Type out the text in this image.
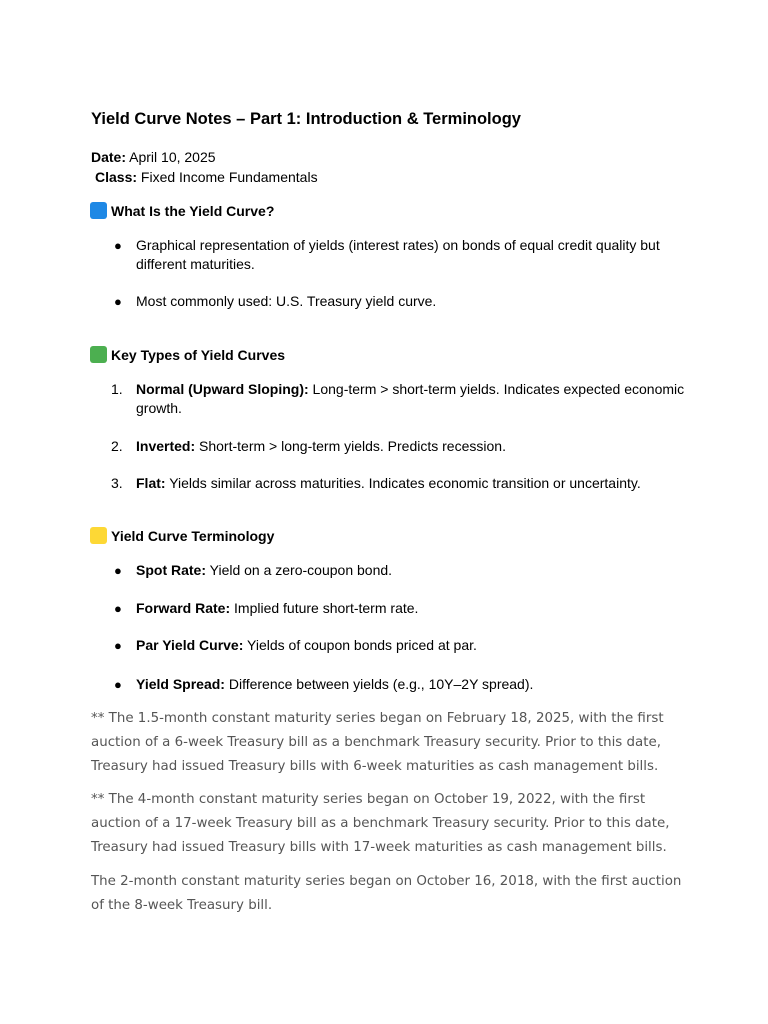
Yield Curve Notes – Part 1: Introduction & Terminology
Date: April 10, 2025
Class: Fixed Income Fundamentals
What Is the Yield Curve?
●	Graphical representation of yields (interest rates) on bonds of equal credit quality but different maturities.
●	Most commonly used: U.S. Treasury yield curve.
Key Types of Yield Curves
1. Normal (Upward Sloping): Long-term > short-term yields. Indicates expected economic growth.
2. Inverted: Short-term > long-term yields. Predicts recession.
3. Flat: Yields similar across maturities. Indicates economic transition or uncertainty.
Yield Curve Terminology
●	Spot Rate: Yield on a zero-coupon bond.
●	Forward Rate: Implied future short-term rate.
●	Par Yield Curve: Yields of coupon bonds priced at par.
●	Yield Spread: Difference between yields (e.g., 10Y–2Y spread).
** The 1.5-month constant maturity series began on February 18, 2025, with the first auction of a 6-week Treasury bill as a benchmark Treasury security. Prior to this date, Treasury had issued Treasury bills with 6-week maturities as cash management bills.
** The 4-month constant maturity series began on October 19, 2022, with the first auction of a 17-week Treasury bill as a benchmark Treasury security. Prior to this date, Treasury had issued Treasury bills with 17-week maturities as cash management bills.
The 2-month constant maturity series began on October 16, 2018, with the first auction of the 8-week Treasury bill.
